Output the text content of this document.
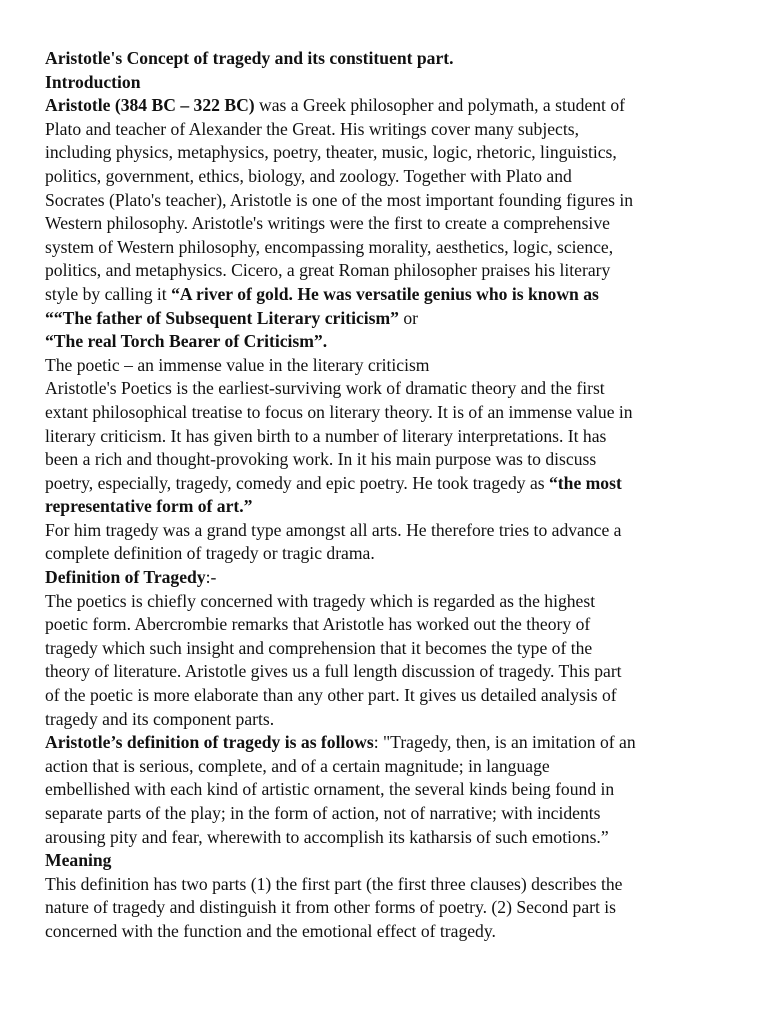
Aristotle's Concept of tragedy and its constituent part.
Introduction
Aristotle (384 BC – 322 BC) was a Greek philosopher and polymath, a student of
Plato and teacher of Alexander the Great. His writings cover many subjects,
including physics, metaphysics, poetry, theater, music, logic, rhetoric, linguistics,
politics, government, ethics, biology, and zoology. Together with Plato and
Socrates (Plato's teacher), Aristotle is one of the most important founding figures in
Western philosophy. Aristotle's writings were the first to create a comprehensive
system of Western philosophy, encompassing morality, aesthetics, logic, science,
politics, and metaphysics. Cicero, a great Roman philosopher praises his literary
style by calling it “A river of gold. He was versatile genius who is known as
““The father of Subsequent Literary criticism” or
“The real Torch Bearer of Criticism”.
The poetic – an immense value in the literary criticism
Aristotle's Poetics is the earliest-surviving work of dramatic theory and the first
extant philosophical treatise to focus on literary theory. It is of an immense value in
literary criticism. It has given birth to a number of literary interpretations. It has
been a rich and thought-provoking work. In it his main purpose was to discuss
poetry, especially, tragedy, comedy and epic poetry. He took tragedy as “the most
representative form of art.”
For him tragedy was a grand type amongst all arts. He therefore tries to advance a
complete definition of tragedy or tragic drama.
Definition of Tragedy:-
The poetics is chiefly concerned with tragedy which is regarded as the highest
poetic form. Abercrombie remarks that Aristotle has worked out the theory of
tragedy which such insight and comprehension that it becomes the type of the
theory of literature. Aristotle gives us a full length discussion of tragedy. This part
of the poetic is more elaborate than any other part. It gives us detailed analysis of
tragedy and its component parts.
Aristotle’s definition of tragedy is as follows: "Tragedy, then, is an imitation of an
action that is serious, complete, and of a certain magnitude; in language
embellished with each kind of artistic ornament, the several kinds being found in
separate parts of the play; in the form of action, not of narrative; with incidents
arousing pity and fear, wherewith to accomplish its katharsis of such emotions.”
Meaning
This definition has two parts (1) the first part (the first three clauses) describes the
nature of tragedy and distinguish it from other forms of poetry. (2) Second part is
concerned with the function and the emotional effect of tragedy.
